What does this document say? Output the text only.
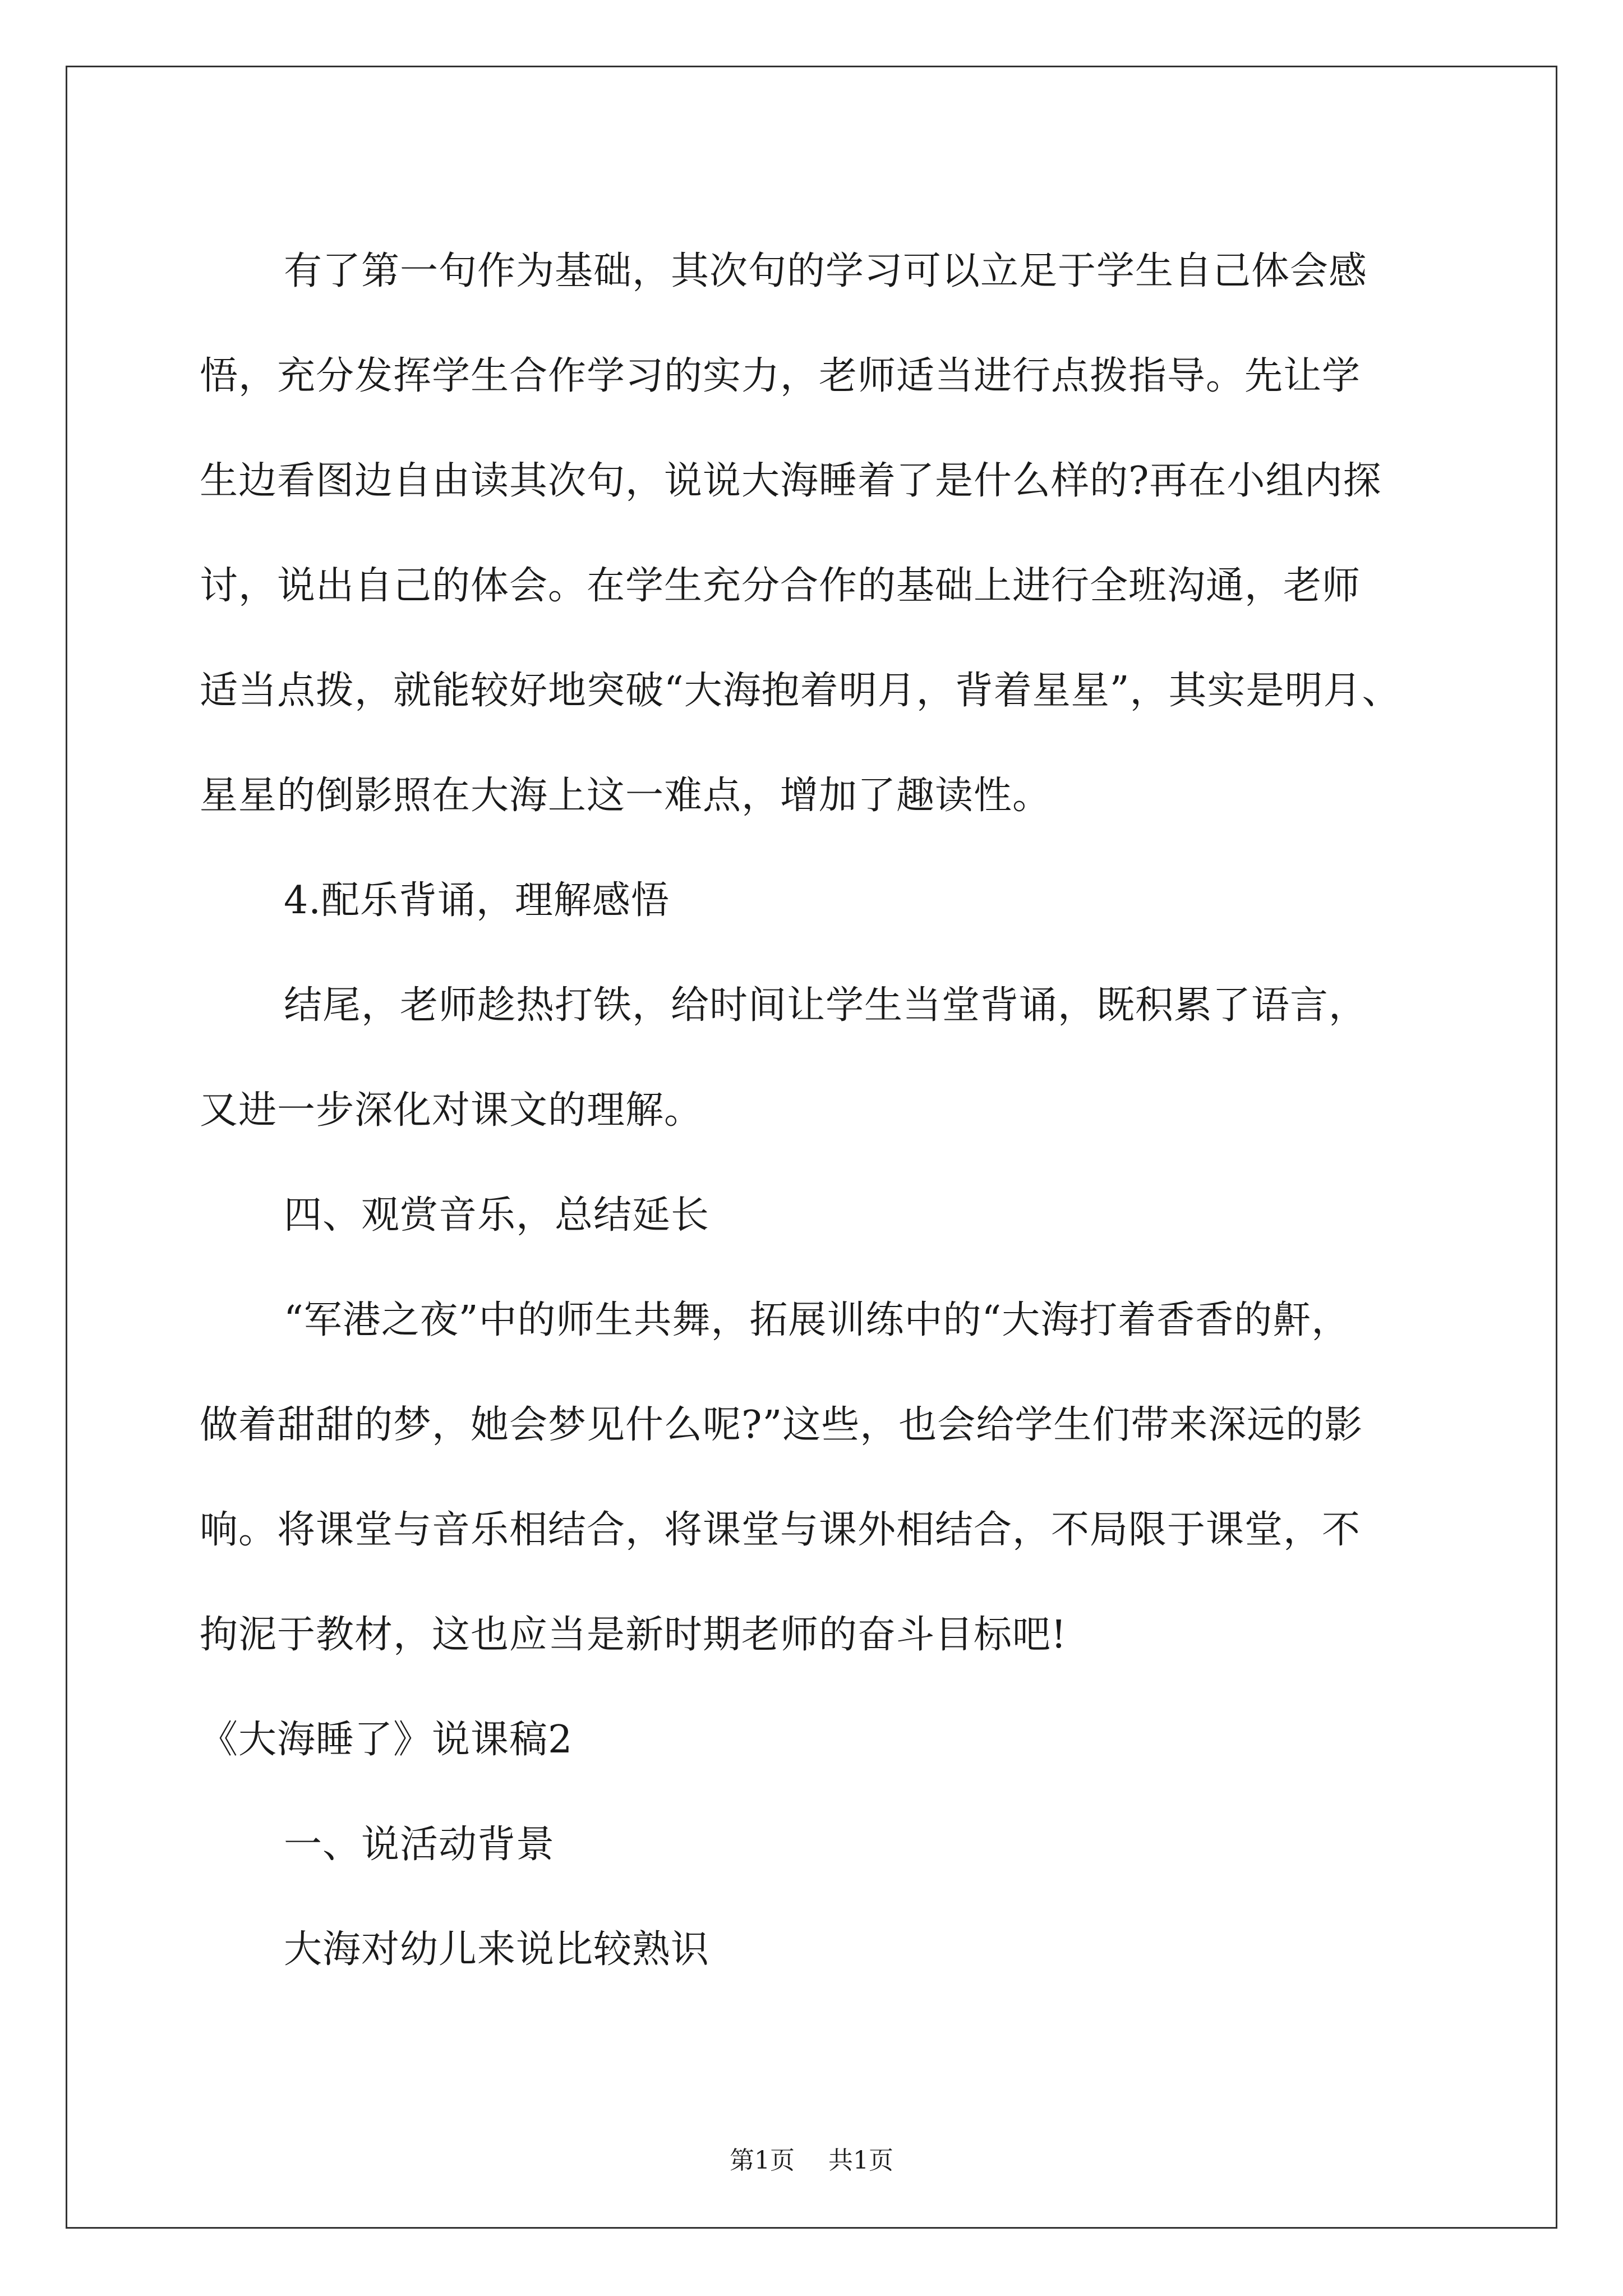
有了第一句作为基础，其次句的学习可以立足于学生自己体会感
悟，充分发挥学生合作学习的实力，老师适当进行点拨指导。先让学
生边看图边自由读其次句，说说大海睡着了是什么样的?再在小组内探
讨，说出自己的体会。在学生充分合作的基础上进行全班沟通，老师
适当点拨，就能较好地突破“大海抱着明月，背着星星”，其实是明月、
星星的倒影照在大海上这一难点，增加了趣读性。

4.配乐背诵，理解感悟

结尾，老师趁热打铁，给时间让学生当堂背诵，既积累了语言，
又进一步深化对课文的理解。

四、观赏音乐，总结延长

“军港之夜”中的师生共舞，拓展训练中的“大海打着香香的鼾，
做着甜甜的梦，她会梦见什么呢?”这些，也会给学生们带来深远的影
响。将课堂与音乐相结合，将课堂与课外相结合，不局限于课堂，不
拘泥于教材，这也应当是新时期老师的奋斗目标吧!

《大海睡了》说课稿2

一、说活动背景

大海对幼儿来说比较熟识

第1页 共1页
